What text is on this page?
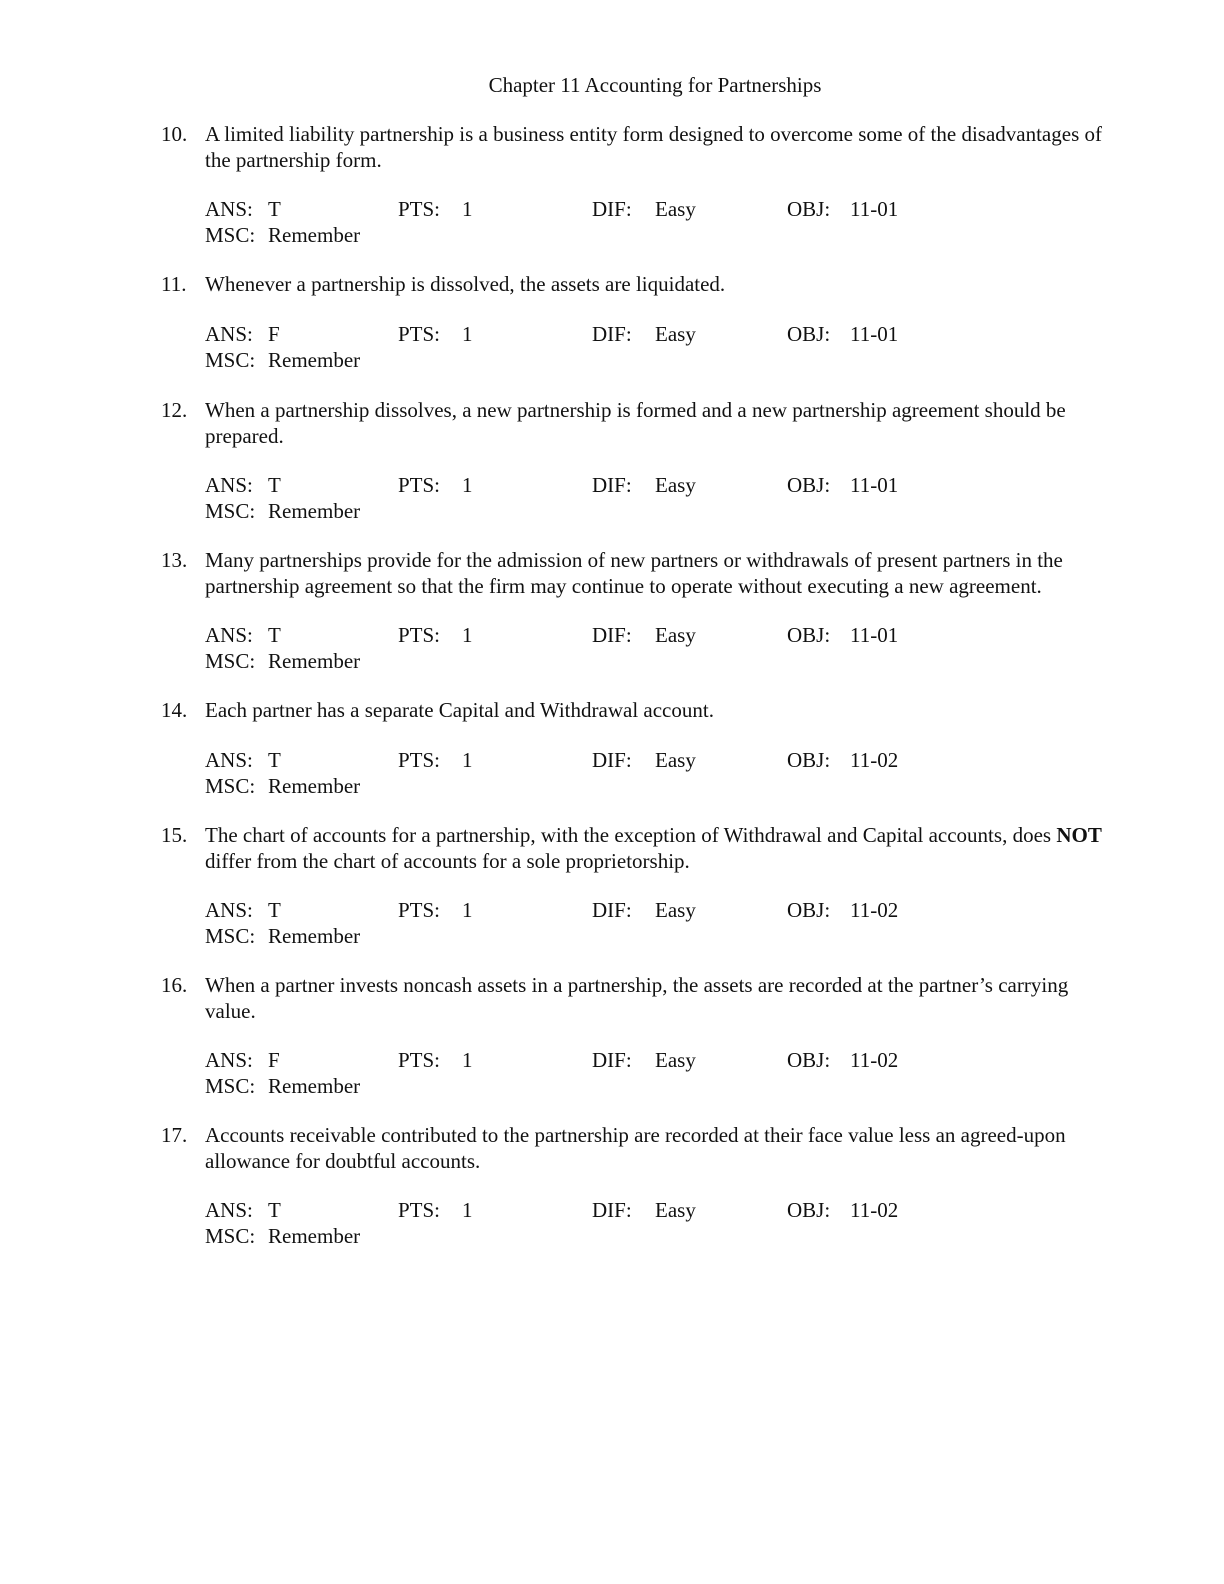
Chapter 11 Accounting for Partnerships
10. A limited liability partnership is a business entity form designed to overcome some of the disadvantages of the partnership form.
ANS: T	PTS: 1	DIF: Easy	OBJ: 11-01
MSC: Remember
11. Whenever a partnership is dissolved, the assets are liquidated.
ANS: F	PTS: 1	DIF: Easy	OBJ: 11-01
MSC: Remember
12. When a partnership dissolves, a new partnership is formed and a new partnership agreement should be prepared.
ANS: T	PTS: 1	DIF: Easy	OBJ: 11-01
MSC: Remember
13. Many partnerships provide for the admission of new partners or withdrawals of present partners in the partnership agreement so that the firm may continue to operate without executing a new agreement.
ANS: T	PTS: 1	DIF: Easy	OBJ: 11-01
MSC: Remember
14. Each partner has a separate Capital and Withdrawal account.
ANS: T	PTS: 1	DIF: Easy	OBJ: 11-02
MSC: Remember
15. The chart of accounts for a partnership, with the exception of Withdrawal and Capital accounts, does NOT differ from the chart of accounts for a sole proprietorship.
ANS: T	PTS: 1	DIF: Easy	OBJ: 11-02
MSC: Remember
16. When a partner invests noncash assets in a partnership, the assets are recorded at the partner’s carrying value.
ANS: F	PTS: 1	DIF: Easy	OBJ: 11-02
MSC: Remember
17. Accounts receivable contributed to the partnership are recorded at their face value less an agreed-upon allowance for doubtful accounts.
ANS: T	PTS: 1	DIF: Easy	OBJ: 11-02
MSC: Remember
